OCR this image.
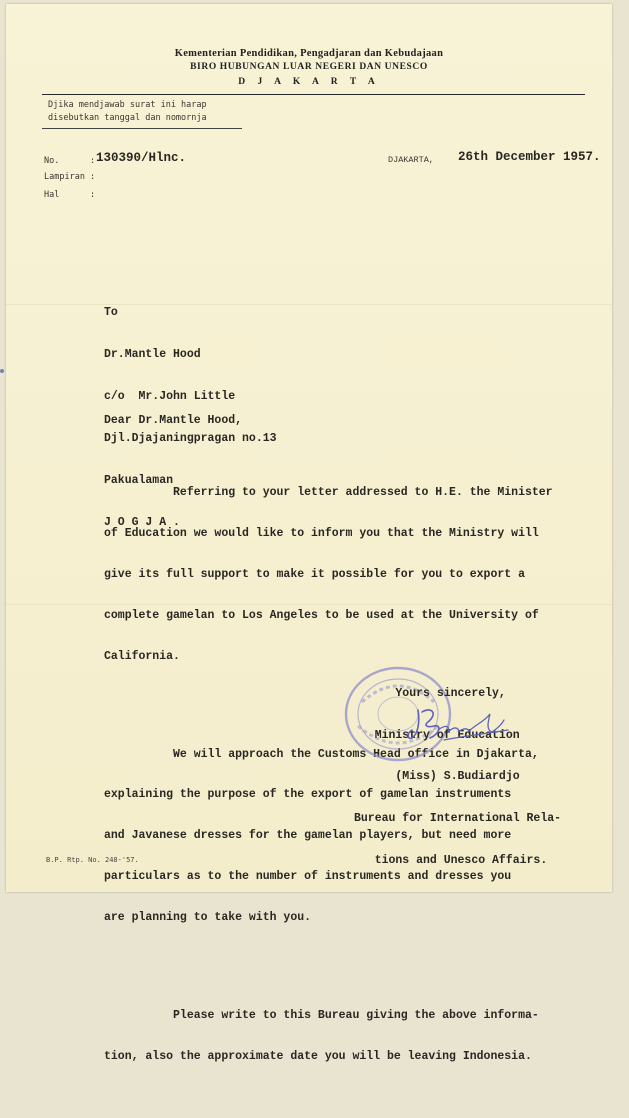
Kementerian Pendidikan, Pengadjaran dan Kebudajaan
BIRO HUBUNGAN LUAR NEGERI DAN UNESCO
D J A K A R T A
Djika mendjawab surat ini harap
disebutkan tanggal dan nomornja
No.	: 130390/Hlnc.
Lampiran :
Hal	:
DJAKARTA, 26th December 1957.

To

Dr.Mantle Hood

c/o  Mr.John Little

Djl.Djajaningpragan no.13

Pakualaman

J O G J A .

Dear Dr.Mantle Hood,

Referring to your letter addressed to H.E. the Minister

of Education we would like to inform you that the Ministry will

give its full support to make it possible for you to export a

complete gamelan to Los Angeles to be used at the University of

California.

We will approach the Customs Head office in Djakarta,

explaining the purpose of the export of gamelan instruments

and Javanese dresses for the gamelan players, but need more

particulars as to the number of instruments and dresses you

are planning to take with you.

Please write to this Bureau giving the above informa-

tion, also the approximate date you will be leaving Indonesia.

Yours sincerely,

Ministry of Education

(Miss) S.Budiardjo

Bureau for International Rela-

tions and Unesco Affairs.

B.P. Rtp. No. 248-'57.
